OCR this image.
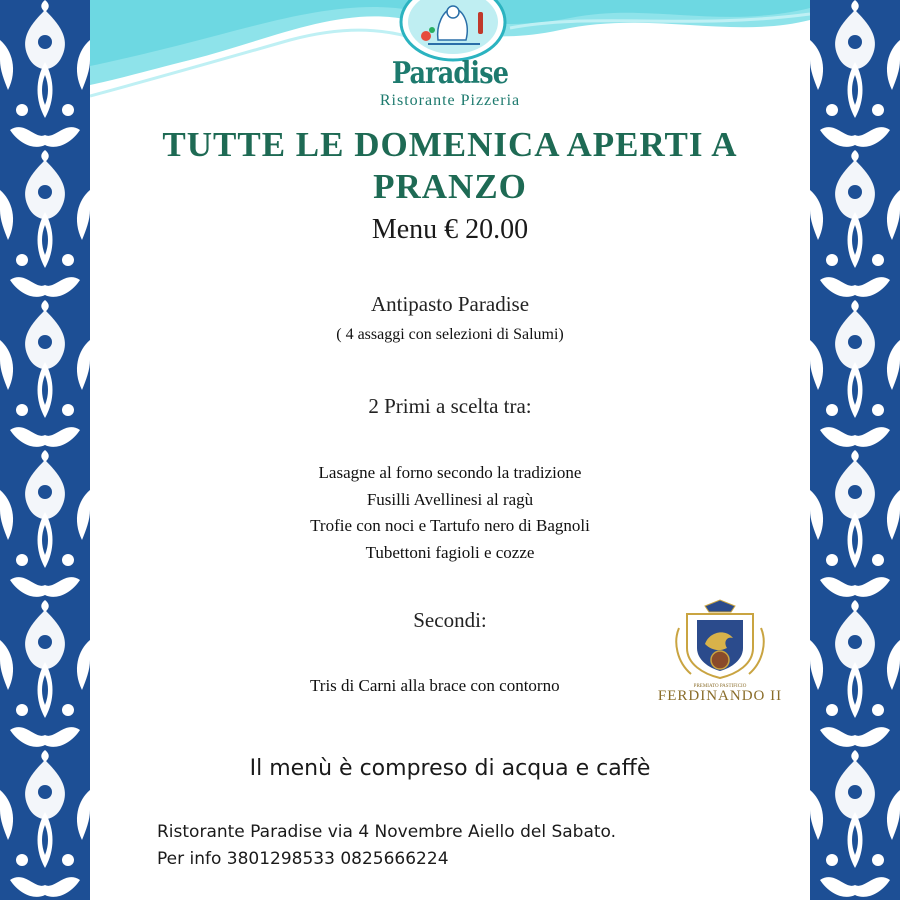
Paradise
Ristorante Pizzeria
TUTTE LE DOMENICA APERTI A
PRANZO
Menu € 20.00
Antipasto Paradise
( 4 assaggi con selezioni di Salumi)
2 Primi a scelta tra:
Lasagne al forno secondo la tradizione
Fusilli Avellinesi al ragù
Trofie con noci e Tartufo nero di Bagnoli
Tubettoni fagioli e cozze
Secondi:
Tris di Carni alla brace con contorno	PREMIATO PASTIFICIO
FERDINANDO II
Il menù è compreso di acqua e caffè
Ristorante Paradise via 4 Novembre Aiello del Sabato.
Per info 3801298533 0825666224
